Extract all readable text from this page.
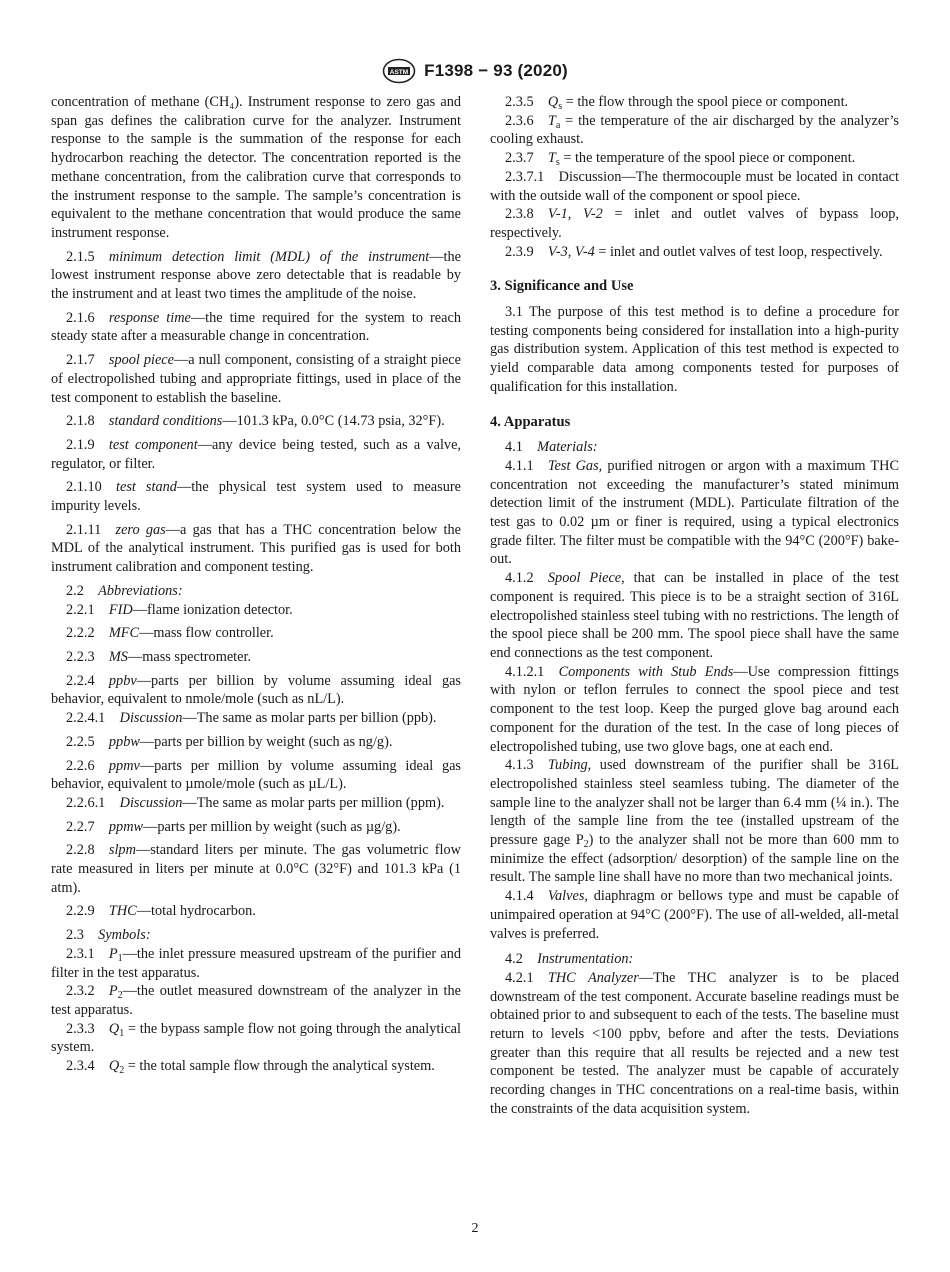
ASTM F1398 − 93 (2020)

concentration of methane (CH₄). Instrument response to zero gas and span gas defines the calibration curve for the analyzer. Instrument response to the sample is the summation of the response for each hydrocarbon reaching the detector. The concentration reported is the methane concentration, from the calibration curve that corresponds to the instrument response to the sample. The sample’s concentration is equivalent to the methane concentration that would produce the same instrument response.

2.1.5  minimum detection limit (MDL) of the instrument—the lowest instrument response above zero detectable that is readable by the instrument and at least two times the amplitude of the noise.

2.1.6  response time—the time required for the system to reach steady state after a measurable change in concentration.

2.1.7  spool piece—a null component, consisting of a straight piece of electropolished tubing and appropriate fittings, used in place of the test component to establish the baseline.

2.1.8  standard conditions—101.3 kPa, 0.0°C (14.73 psia, 32°F).

2.1.9  test component—any device being tested, such as a valve, regulator, or filter.

2.1.10  test stand—the physical test system used to measure impurity levels.

2.1.11  zero gas—a gas that has a THC concentration below the MDL of the analytical instrument. This purified gas is used for both instrument calibration and component testing.

2.2  Abbreviations:

2.2.1  FID—flame ionization detector.

2.2.2  MFC—mass flow controller.

2.2.3  MS—mass spectrometer.

2.2.4  ppbv—parts per billion by volume assuming ideal gas behavior, equivalent to nmole/mole (such as nL/L).

2.2.4.1  Discussion—The same as molar parts per billion (ppb).

2.2.5  ppbw—parts per billion by weight (such as ng/g).

2.2.6  ppmv—parts per million by volume assuming ideal gas behavior, equivalent to µmole/mole (such as µL/L).

2.2.6.1  Discussion—The same as molar parts per million (ppm).

2.2.7  ppmw—parts per million by weight (such as µg/g).

2.2.8  slpm—standard liters per minute. The gas volumetric flow rate measured in liters per minute at 0.0°C (32°F) and 101.3 kPa (1 atm).

2.2.9  THC—total hydrocarbon.

2.3  Symbols:

2.3.1  $P_1—the$ inlet pressure measured upstream of the purifier and filter in the test apparatus.

2.3.2  $P_2—the$ outlet measured downstream of the analyzer in the test apparatus.

2.3.3  $Q_1$ = the bypass sample flow not going through the analytical system.

2.3.4  $Q_2$ = the total sample flow through the analytical system.

2.3.5  $Q_s$ = the flow through the spool piece or component.

2.3.6  $T_a$ = the temperature of the air discharged by the analyzer’s cooling exhaust.

2.3.7  $T_s$ = the temperature of the spool piece or component.

2.3.7.1  Discussion—The thermocouple must be located in contact with the outside wall of the component or spool piece.

2.3.8  V-1, V-2 = inlet and outlet valves of bypass loop, respectively.

2.3.9  V-3, V-4 = inlet and outlet valves of test loop, respectively.

3. Significance and Use

3.1 The purpose of this test method is to define a procedure for testing components being considered for installation into a high-purity gas distribution system. Application of this test method is expected to yield comparable data among components tested for purposes of qualification for this installation.

4. Apparatus

4.1  Materials:

4.1.1  Test Gas, purified nitrogen or argon with a maximum THC concentration not exceeding the manufacturer’s stated minimum detection limit of the instrument (MDL). Particulate filtration of the test gas to 0.02 µm or finer is required, using a typical electronics grade filter. The filter must be compatible with the 94°C (200°F) bake-out.

4.1.2  Spool Piece, that can be installed in place of the test component is required. This piece is to be a straight section of 316L electropolished stainless steel tubing with no restrictions. The length of the spool piece shall be 200 mm. The spool piece shall have the same end connections as the test component.

4.1.2.1  Components with Stub Ends—Use compression fittings with nylon or teflon ferrules to connect the spool piece and test component to the test loop. Keep the purged glove bag around each component for the duration of the test. In the case of long pieces of electropolished tubing, use two glove bags, one at each end.

4.1.3  Tubing, used downstream of the purifier shall be 316L electropolished stainless steel seamless tubing. The diameter of the sample line to the analyzer shall not be larger than 6.4 mm (¼ in.). The length of the sample line from the tee (installed upstream of the pressure gage $P_2$) to the analyzer shall not be more than 600 mm to minimize the effect (adsorption/ desorption) of the sample line on the result. The sample line shall have no more than two mechanical joints.

4.1.4  Valves, diaphragm or bellows type and must be capable of unimpaired operation at 94°C (200°F). The use of all-welded, all-metal valves is preferred.

4.2  Instrumentation:

4.2.1  THC Analyzer—The THC analyzer is to be placed downstream of the test component. Accurate baseline readings must be obtained prior to and subsequent to each of the tests. The baseline must return to levels <100 ppbv, before and after the tests. Deviations greater than this require that all results be rejected and a new test component be tested. The analyzer must be capable of accurately recording changes in THC concentrations on a real-time basis, within the constraints of the data acquisition system.

2
